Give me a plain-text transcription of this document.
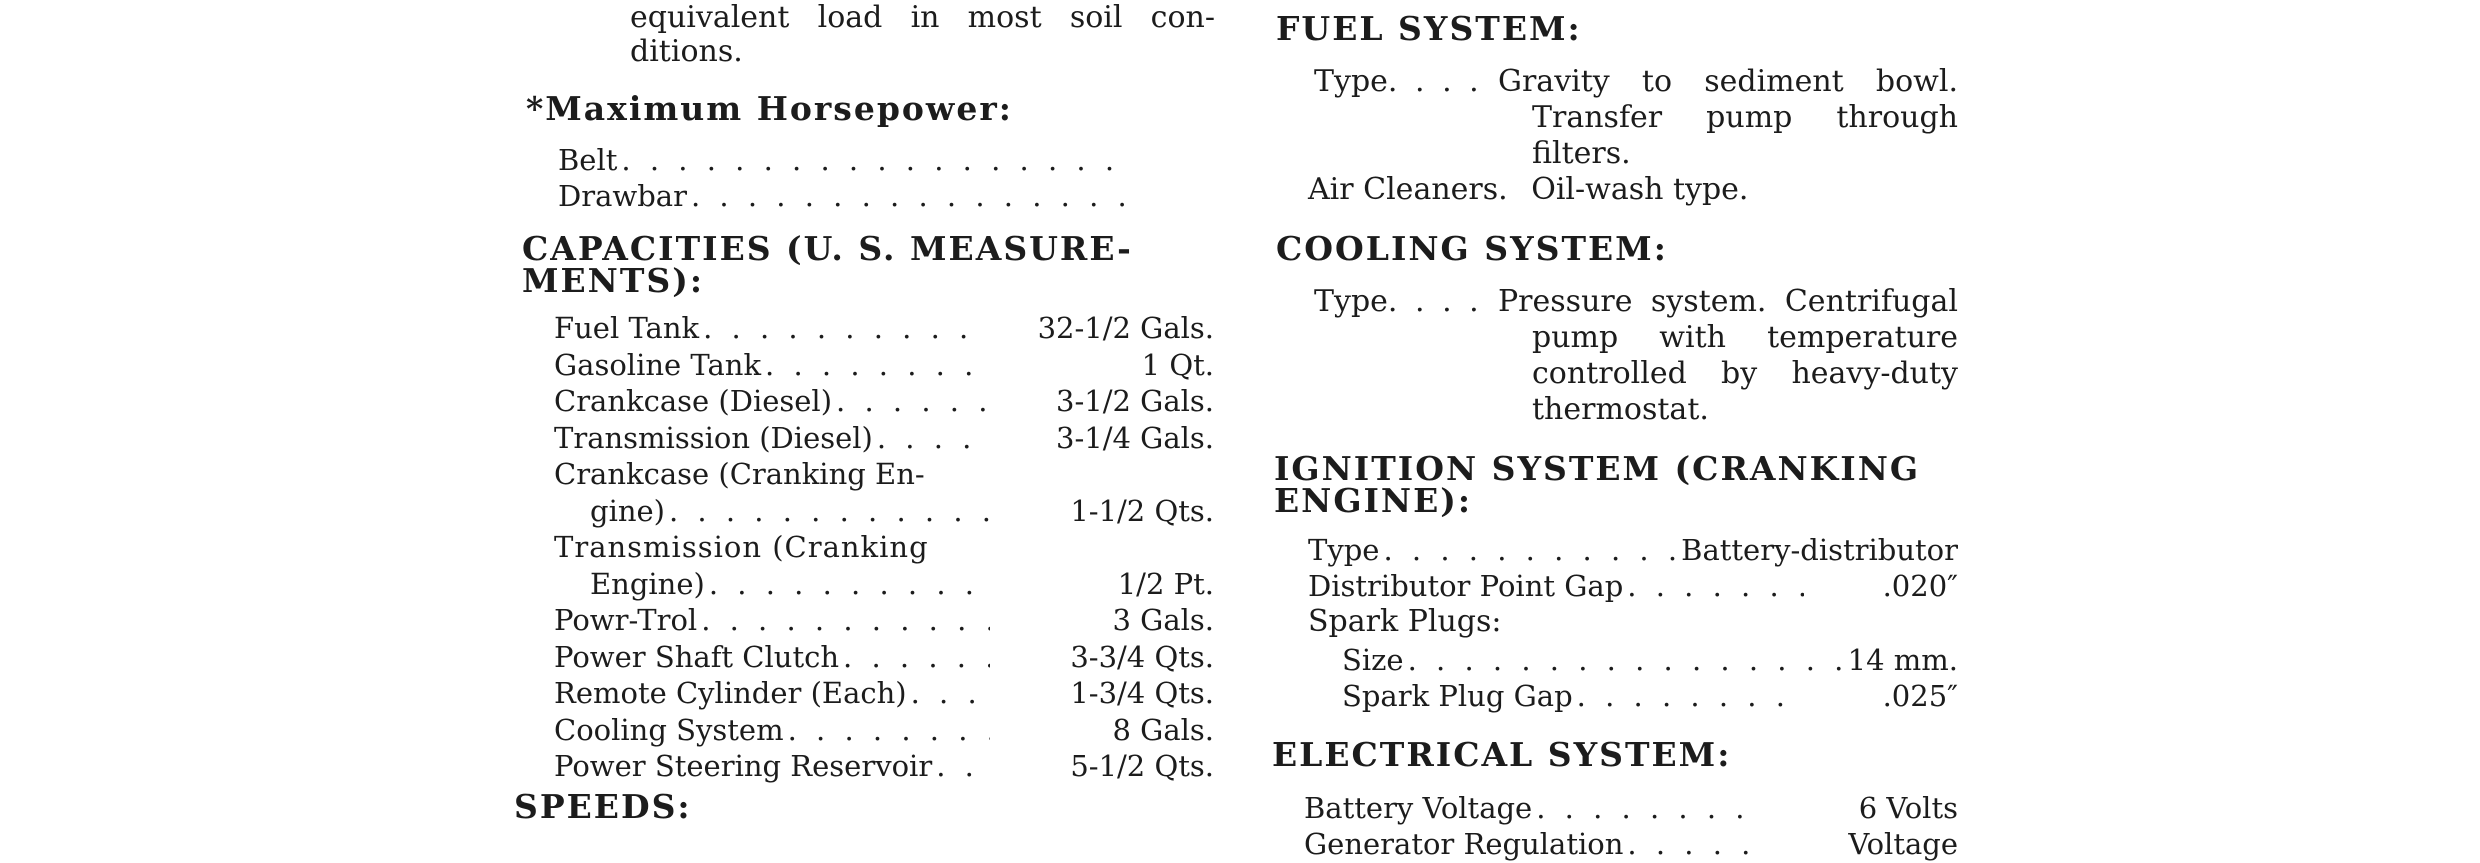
equivalent load in most soil con-
ditions.
*Maximum Horsepower:
Belt
. . .
Drawbar
. . .
CAPACITIES (U. S. MEASURE-
MENTS):
Fuel Tank . . .	32-1/2 Gals.
Gasoline Tank . . .	1 Qt.
Crankcase (Diesel) . . .	3-1/2 Gals.
Transmission (Diesel) . . .	3-1/4 Gals.
Crankcase (Cranking En-
gine) . . .	1-1/2 Qts.
Transmission (Cranking
Engine) . . .	1/2 Pt.
Powr-Trol . . .	3 Gals.
Power Shaft Clutch . . .	3-3/4 Qts.
Remote Cylinder (Each) . . .	1-3/4 Qts.
Cooling System . . .	8 Gals.
Power Steering Reservoir . . .	5-1/2 Qts.
SPEEDS:
FUEL SYSTEM:
Type. . . . Gravity to sediment bowl.
Transfer pump through
filters.
Air Cleaners. Oil-wash type.
COOLING SYSTEM:
Type. . . . Pressure system. Centrifugal
pump with temperature
controlled by heavy-duty
thermostat.
IGNITION SYSTEM (CRANKING
ENGINE):
Type . . .	Battery-distributor
Distributor Point Gap . . .	.020″
Spark Plugs:
Size . . .	14 mm.
Spark Plug Gap . . .	.025″
ELECTRICAL SYSTEM:
Battery Voltage . . .	6 Volts
Generator Regulation . . .	Voltage
